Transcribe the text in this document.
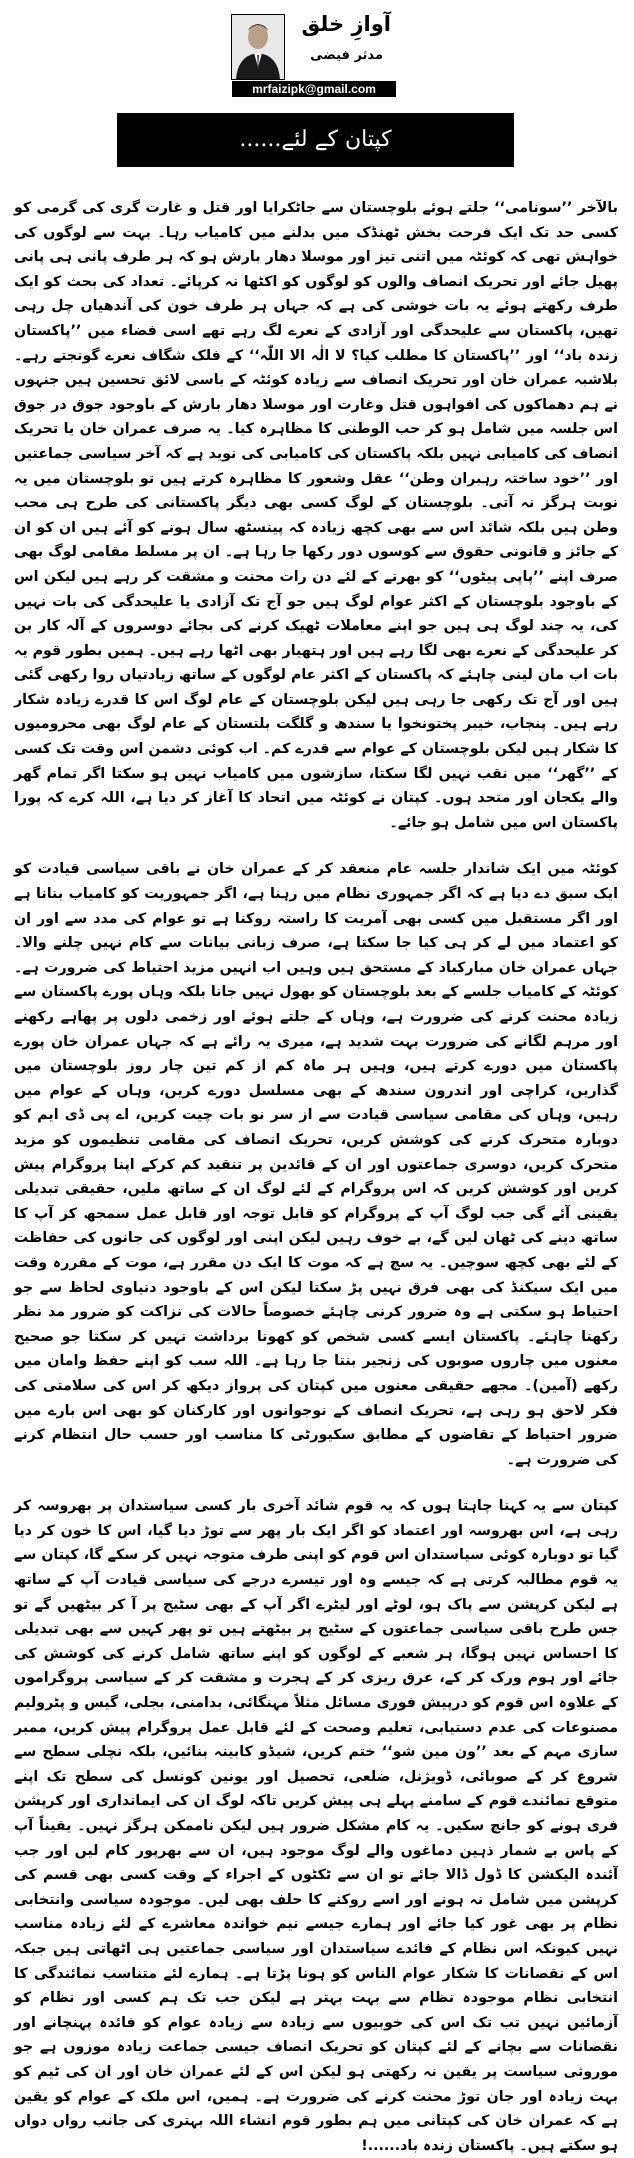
آوازِ خلق
مدثر فیضی
mrfaizipk@gmail.com
کپتان کے لئے......

بالآخر ’’سونامی‘‘ جلتے ہوئے بلوچستان سے جاٹکرایا اور قتل و غارت گری کی گرمی کو کسی حد تک ایک فرحت بخش ٹھنڈک میں بدلنے میں کامیاب رہا۔ بہت سے لوگوں کی خواہش تھی کہ کوئٹہ میں اتنی تیز اور موسلا دھار بارش ہو کہ ہر طرف پانی ہی پانی پھیل جائے اور تحریک انصاف والوں کو لوگوں کو اکٹھا نہ کرپائے۔ تعداد کی بحث کو ایک طرف رکھتے ہوئے یہ بات خوشی کی ہے کہ جہاں ہر طرف خون کی آندھیاں چل رہی تھیں، پاکستان سے علیحدگی اور آزادی کے نعرے لگ رہے تھے اسی فضاء میں ’’پاکستان زندہ باد‘‘ اور ’’پاکستان کا مطلب کیا؟ لا الٰہ الا اللّٰہ‘‘ کے فلک شگاف نعرے گونجتے رہے۔ بلاشبہ عمران خان اور تحریک انصاف سے زیادہ کوئٹہ کے باسی لائق تحسین ہیں جنہوں نے ہم دھماکوں کی افواہوں قتل وغارت اور موسلا دھار بارش کے باوجود جوق در جوق اس جلسہ میں شامل ہو کر حب الوطنی کا مظاہرہ کیا۔ یہ صرف عمران خان یا تحریک انصاف کی کامیابی نہیں بلکہ پاکستان کی کامیابی کی نوید ہے کہ آخر سیاسی جماعتیں اور ’’خود ساختہ رہبران وطن‘‘ عقل وشعور کا مظاہرہ کرتے ہیں تو بلوچستان میں یہ نوبت ہرگز نہ آتی۔ بلوچستان کے لوگ کسی بھی دیگر پاکستانی کی طرح ہی محب وطن ہیں بلکہ شائد اس سے بھی کچھ زیادہ کہ پینسٹھ سال ہونے کو آئے ہیں ان کو ان کے جائز و قانونی حقوق سے کوسوں دور رکھا جا رہا ہے۔ ان پر مسلط مقامی لوگ بھی صرف اپنے ’’پاپی پیٹوں‘‘ کو بھرنے کے لئے دن رات محنت و مشقت کر رہے ہیں لیکن اس کے باوجود بلوچستان کے اکثر عوام لوگ ہیں جو آج تک آزادی یا علیحدگی کی بات نہیں کی، یہ چند لوگ ہی ہیں جو اپنے معاملات ٹھیک کرنے کی بجائے دوسروں کے آلہ کار بن کر علیحدگی کے نعرے بھی لگا رہے ہیں اور ہتھیار بھی اٹھا رہے ہیں۔ ہمیں بطور قوم یہ بات اب مان لینی چاہئے کہ پاکستان کے اکثر عام لوگوں کے ساتھ زیادتیاں روا رکھی گئی ہیں اور آج تک رکھی جا رہی ہیں لیکن بلوچستان کے عام لوگ اس کا قدرے زیادہ شکار رہے ہیں۔ پنجاب، خیبر پختونخوا یا سندھ و گلگت بلتستان کے عام لوگ بھی محرومیوں کا شکار ہیں لیکن بلوچستان کے عوام سے قدرے کم۔ اب کوئی دشمن اس وقت تک کسی کے ’’گھر‘‘ میں نقب نہیں لگا سکتا، سازشوں میں کامیاب نہیں ہو سکتا اگر تمام گھر والے یکجان اور متحد ہوں۔ کپتان نے کوئٹہ میں اتحاد کا آغاز کر دیا ہے، اللہ کرے کہ پورا پاکستان اس میں شامل ہو جائے۔

کوئٹہ میں ایک شاندار جلسہ عام منعقد کر کے عمران خان نے باقی سیاسی قیادت کو ایک سبق دے دیا ہے کہ اگر جمہوری نظام میں رہنا ہے، اگر جمہوریت کو کامیاب بنانا ہے اور اگر مستقبل میں کسی بھی آمریت کا راستہ روکنا ہے تو عوام کی مدد سے اور ان کو اعتماد میں لے کر ہی کیا جا سکتا ہے، صرف زبانی بیانات سے کام نہیں چلنے والا۔ جہاں عمران خان مبارکباد کے مستحق ہیں وہیں اب انہیں مزید احتیاط کی ضرورت ہے۔ کوئٹہ کے کامیاب جلسے کے بعد بلوچستان کو بھول نہیں جانا بلکہ وہاں پورے پاکستان سے زیادہ محنت کرنے کی ضرورت ہے، وہاں کے جلتے ہوئے اور زخمی دلوں پر پھاہے رکھنے اور مرہم لگانے کی ضرورت بہت شدید ہے، میری یہ رائے ہے کہ جہاں عمران خان پورے پاکستان میں دورے کرتے ہیں، وہیں ہر ماہ کم از کم تین چار روز بلوچستان میں گذاریں، کراچی اور اندرون سندھ کے بھی مسلسل دورے کریں، وہاں کے عوام میں رہیں، وہاں کی مقامی سیاسی قیادت سے از سر نو بات چیت کریں، اے پی ڈی ایم کو دوبارہ متحرک کرنے کی کوشش کریں، تحریک انصاف کی مقامی تنظیموں کو مزید متحرک کریں، دوسری جماعتوں اور ان کے قائدین پر تنقید کم کرکے اپنا پروگرام پیش کریں اور کوشش کریں کہ اس پروگرام کے لئے لوگ ان کے ساتھ ملیں، حقیقی تبدیلی یقینی آئے گی جب لوگ آپ کے پروگرام کو قابل توجہ اور قابل عمل سمجھ کر آپ کا ساتھ دینے کی ٹھان لیں گے، بے خوف رہیں لیکن اپنی اور لوگوں کی جانوں کی حفاظت کے لئے بھی کچھ سوچیں۔ یہ سچ ہے کہ موت کا ایک دن مقرر ہے، موت کے مقررہ وقت میں ایک سیکنڈ کی بھی فرق نہیں پڑ سکتا لیکن اس کے باوجود دنیاوی لحاظ سے جو احتیاط ہو سکتی ہے وہ ضرور کرنی چاہئے خصوصاً حالات کی نزاکت کو ضرور مد نظر رکھنا چاہئے۔ پاکستان ایسے کسی شخص کو کھونا برداشت نہیں کر سکتا جو صحیح معنوں میں چاروں صوبوں کی زنجیر بنتا جا رہا ہے۔ اللہ سب کو اپنے حفظ وامان میں رکھے (آمین)۔ مجھے حقیقی معنوں میں کپتان کی پرواز دیکھ کر اس کی سلامتی کی فکر لاحق ہو رہی ہے، تحریک انصاف کے نوجوانوں اور کارکنان کو بھی اس بارے میں ضرور احتیاط کے تقاضوں کے مطابق سکیورٹی کا مناسب اور حسب حال انتظام کرنے کی ضرورت ہے۔

کپتان سے یہ کہنا چاہتا ہوں کہ یہ قوم شائد آخری بار کسی سیاستدان پر بھروسہ کر رہی ہے، اس بھروسہ اور اعتماد کو اگر ایک بار پھر سے توڑ دیا گیا، اس کا خون کر دیا گیا تو دوبارہ کوئی سیاستدان اس قوم کو اپنی طرف متوجہ نہیں کر سکے گا، کپتان سے یہ قوم مطالبہ کرتی ہے کہ جیسے وہ اور تیسرے درجے کی سیاسی قیادت آپ کے ساتھ ہے لیکن کرپشن سے پاک ہو، لوٹے اور لیٹرے اگر آپ کے بھی سٹیج پر آ کر بیٹھیں گے تو جس طرح باقی سیاسی جماعتوں کے سٹیج پر بیٹھتے ہیں تو پھر کہیں سے بھی تبدیلی کا احساس نہیں ہوگا، ہر شعبے کے لوگوں کو اپنے ساتھ شامل کرنے کی کوشش کی جائے اور ہوم ورک کر کے، عرق ریزی کر کے ہجرت و مشقت کر کے سیاسی پروگراموں کے علاوہ اس قوم کو درپیش فوری مسائل مثلاً مہنگائی، بدامنی، بجلی، گیس و پٹرولیم مصنوعات کی عدم دستیابی، تعلیم وصحت کے لئے قابل عمل پروگرام پیش کریں، ممبر سازی مہم کے بعد ’’ون مین شو‘‘ ختم کریں، شیڈو کابینہ بنائیں، بلکہ نچلی سطح سے شروع کر کے صوبائی، ڈویژنل، ضلعی، تحصیل اور یونین کونسل کی سطح تک اپنے متوقع نمائندے قوم کے سامنے پہلے ہی پیش کریں تاکہ لوگ ان کی ایمانداری اور کرپشن فری ہونے کو جانچ سکیں۔ یہ کام مشکل ضرور ہیں لیکن ناممکن ہرگز نہیں۔ یقیناً آپ کے پاس بے شمار ذہین دماغوں والے لوگ موجود ہیں، ان سے بھرپور کام لیں اور جب آئندہ الیکشن کا ڈول ڈالا جائے تو ان سے ٹکٹوں کے اجراء کے وقت کسی بھی قسم کی کرپشن میں شامل نہ ہونے اور اسے روکنے کا حلف بھی لیں۔ موجودہ سیاسی وانتخابی نظام پر بھی غور کیا جائے اور ہمارے جیسے نیم خواندہ معاشرے کے لئے زیادہ مناسب نہیں کیونکہ اس نظام کے فائدے سیاستدان اور سیاسی جماعتیں ہی اٹھاتی ہیں جبکہ اس کے نقصانات کا شکار عوام الناس کو ہونا پڑتا ہے۔ ہمارے لئے متناسب نمائندگی کا انتخابی نظام موجودہ نظام سے بہت بہتر ہے لیکن جب تک ہم کسی اور نظام کو آزمائیں نہیں تب تک اس کی خوبیوں سے زیادہ سے زیادہ عوام کو فائدہ پہنچانے اور نقصانات سے بچانے کے لئے کپتان کو تحریک انصاف جیسی جماعت زیادہ موزوں ہے جو موروثی سیاست پر یقین نہ رکھتی ہو لیکن اس کے لئے عمران خان اور ان کی ٹیم کو بہت زیادہ اور جان توڑ محنت کرنے کی ضرورت ہے۔ ہمیں، اس ملک کے عوام کو یقین ہے کہ عمران خان کی کپتانی میں ہم بطور قوم انشاء اللہ بہتری کی جانب رواں دواں ہو سکتے ہیں۔ پاکستان زندہ باد......!
